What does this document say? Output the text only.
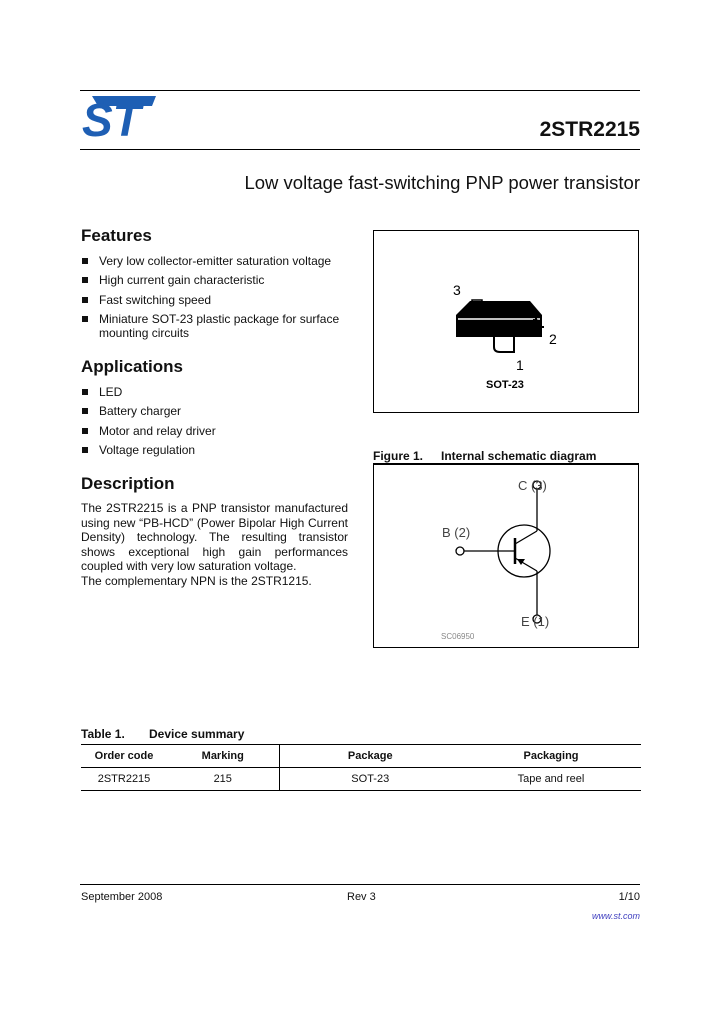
ST	2STR2215
Low voltage fast-switching PNP power transistor
Features
Very low collector-emitter saturation voltage
High current gain characteristic
Fast switching speed
Miniature SOT-23 plastic package for surface mounting circuits
Applications
LED
Battery charger
Motor and relay driver
Voltage regulation
Description

The 2STR2215 is a PNP transistor manufactured using new “PB-HCD” (Power Bipolar High Current Density) technology. The resulting transistor shows exceptional high gain performances coupled with very low saturation voltage.

The complementary NPN is the 2STR1215.

3
2
1
SOT-23
Figure 1. Internal schematic diagram
C (3)
B (2)
E (1)
SC06950
Table 1. Device summary
Order code	Marking	Package	Packaging
2STR2215	215	SOT-23	Tape and reel
September 2008	Rev 3	1/10
www.st.com
